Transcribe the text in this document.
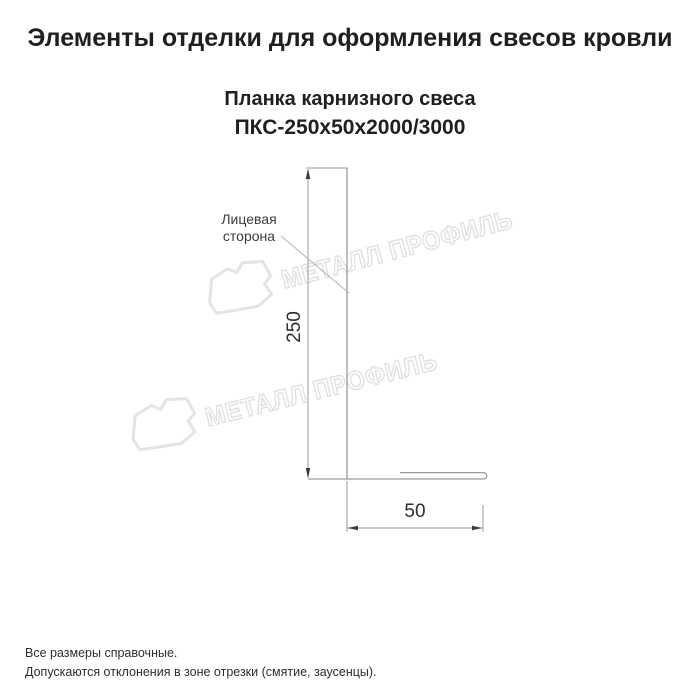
Элементы отделки для оформления свесов кровли
Планка карнизного свеса
ПКС-250х50х2000/3000
МЕТАЛЛ ПРОФИЛЬ
МЕТАЛЛ ПРОФИЛЬ
Лицевая сторона
250
50
Все размеры справочные.
Допускаются отклонения в зоне отрезки (смятие, заусенцы).
